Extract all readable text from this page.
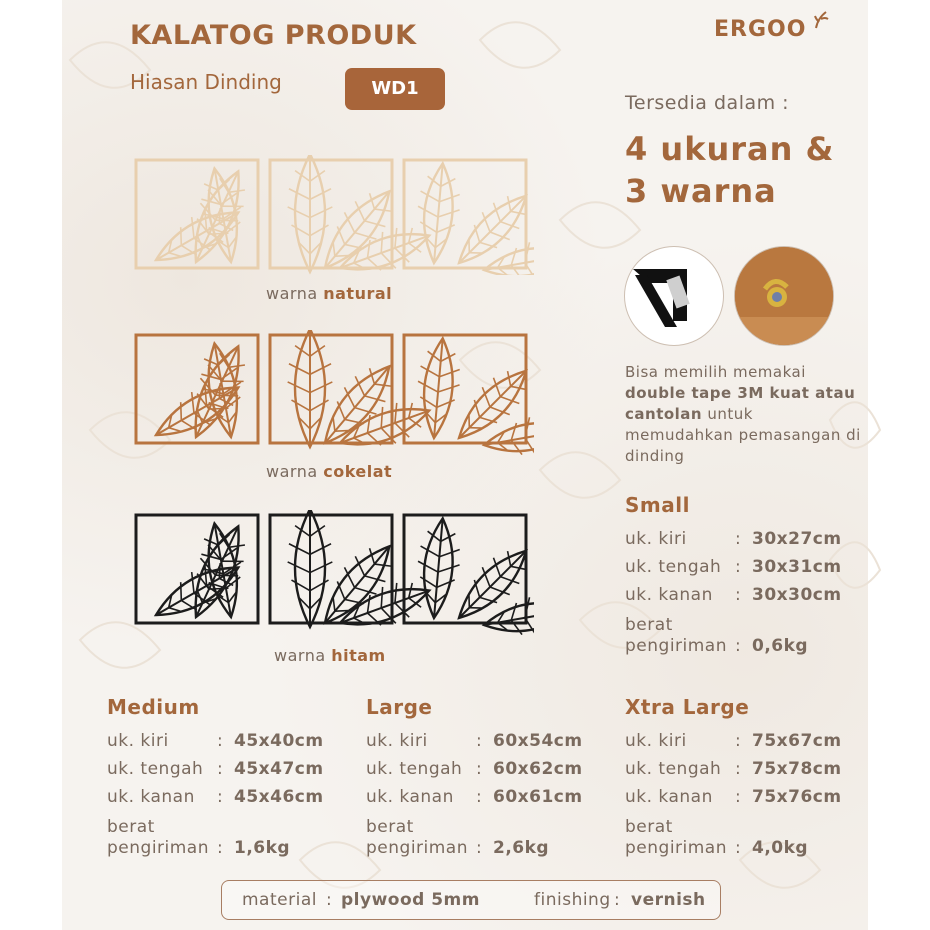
KALATOG PRODUK
Hiasan Dinding	WD1
ERGOO
Tersedia dalam :
4 ukuran &
3 warna
Bisa memilih memakai double tape 3M kuat atau cantolan untuk memudahkan pemasangan di dinding
warna natural
warna cokelat
warna hitam
Small
uk. kiri	: 30x27cm
uk. tengah : 30x31cm
uk. kanan : 30x30cm
berat
pengiriman : 0,6kg
Medium
uk. kiri	: 45x40cm
uk. tengah : 45x47cm
uk. kanan : 45x46cm
berat
pengiriman : 1,6kg
Large
uk. kiri	: 60x54cm
uk. tengah : 60x62cm
uk. kanan : 60x61cm
berat
pengiriman : 2,6kg
Xtra Large
uk. kiri	: 75x67cm
uk. tengah : 75x78cm
uk. kanan : 75x76cm
berat
pengiriman : 4,0kg
material : plywood 5mm	finishing : vernish
